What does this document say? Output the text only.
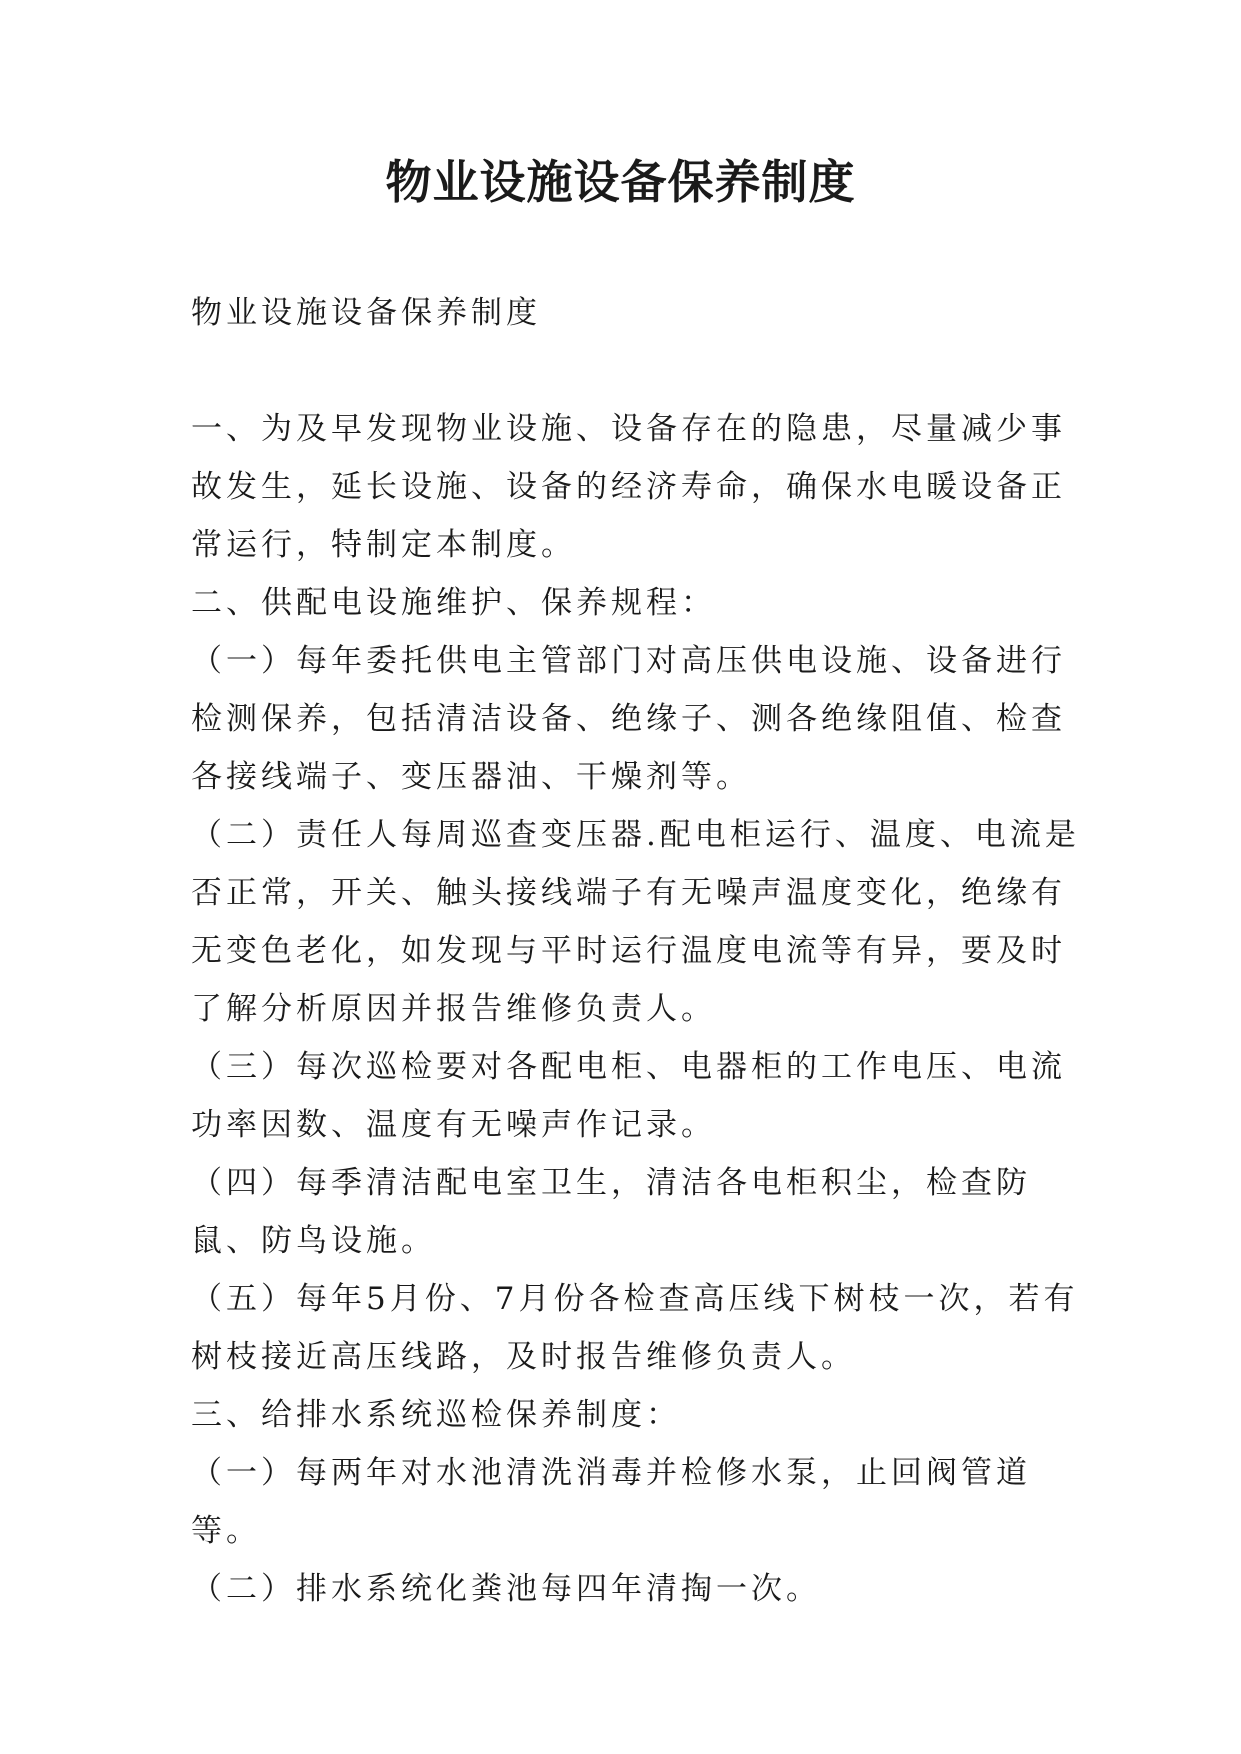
物业设施设备保养制度

物业设施设备保养制度

一、为及早发现物业设施、设备存在的隐患，尽量减少事故发生，延长设施、设备的经济寿命，确保水电暖设备正常运行，特制定本制度。

二、供配电设施维护、保养规程：

（一）每年委托供电主管部门对高压供电设施、设备进行检测保养，包括清洁设备、绝缘子、测各绝缘阻值、检查各接线端子、变压器油、干燥剂等。

（二）责任人每周巡查变压器.配电柜运行、温度、电流是否正常，开关、触头接线端子有无噪声温度变化，绝缘有无变色老化，如发现与平时运行温度电流等有异，要及时了解分析原因并报告维修负责人。

（三）每次巡检要对各配电柜、电器柜的工作电压、电流功率因数、温度有无噪声作记录。

（四）每季清洁配电室卫生，清洁各电柜积尘，检查防鼠、防鸟设施。

（五）每年5月份、7月份各检查高压线下树枝一次，若有树枝接近高压线路，及时报告维修负责人。

三、给排水系统巡检保养制度：

（一）每两年对水池清洗消毒并检修水泵，止回阀管道等。

（二）排水系统化粪池每四年清掏一次。
